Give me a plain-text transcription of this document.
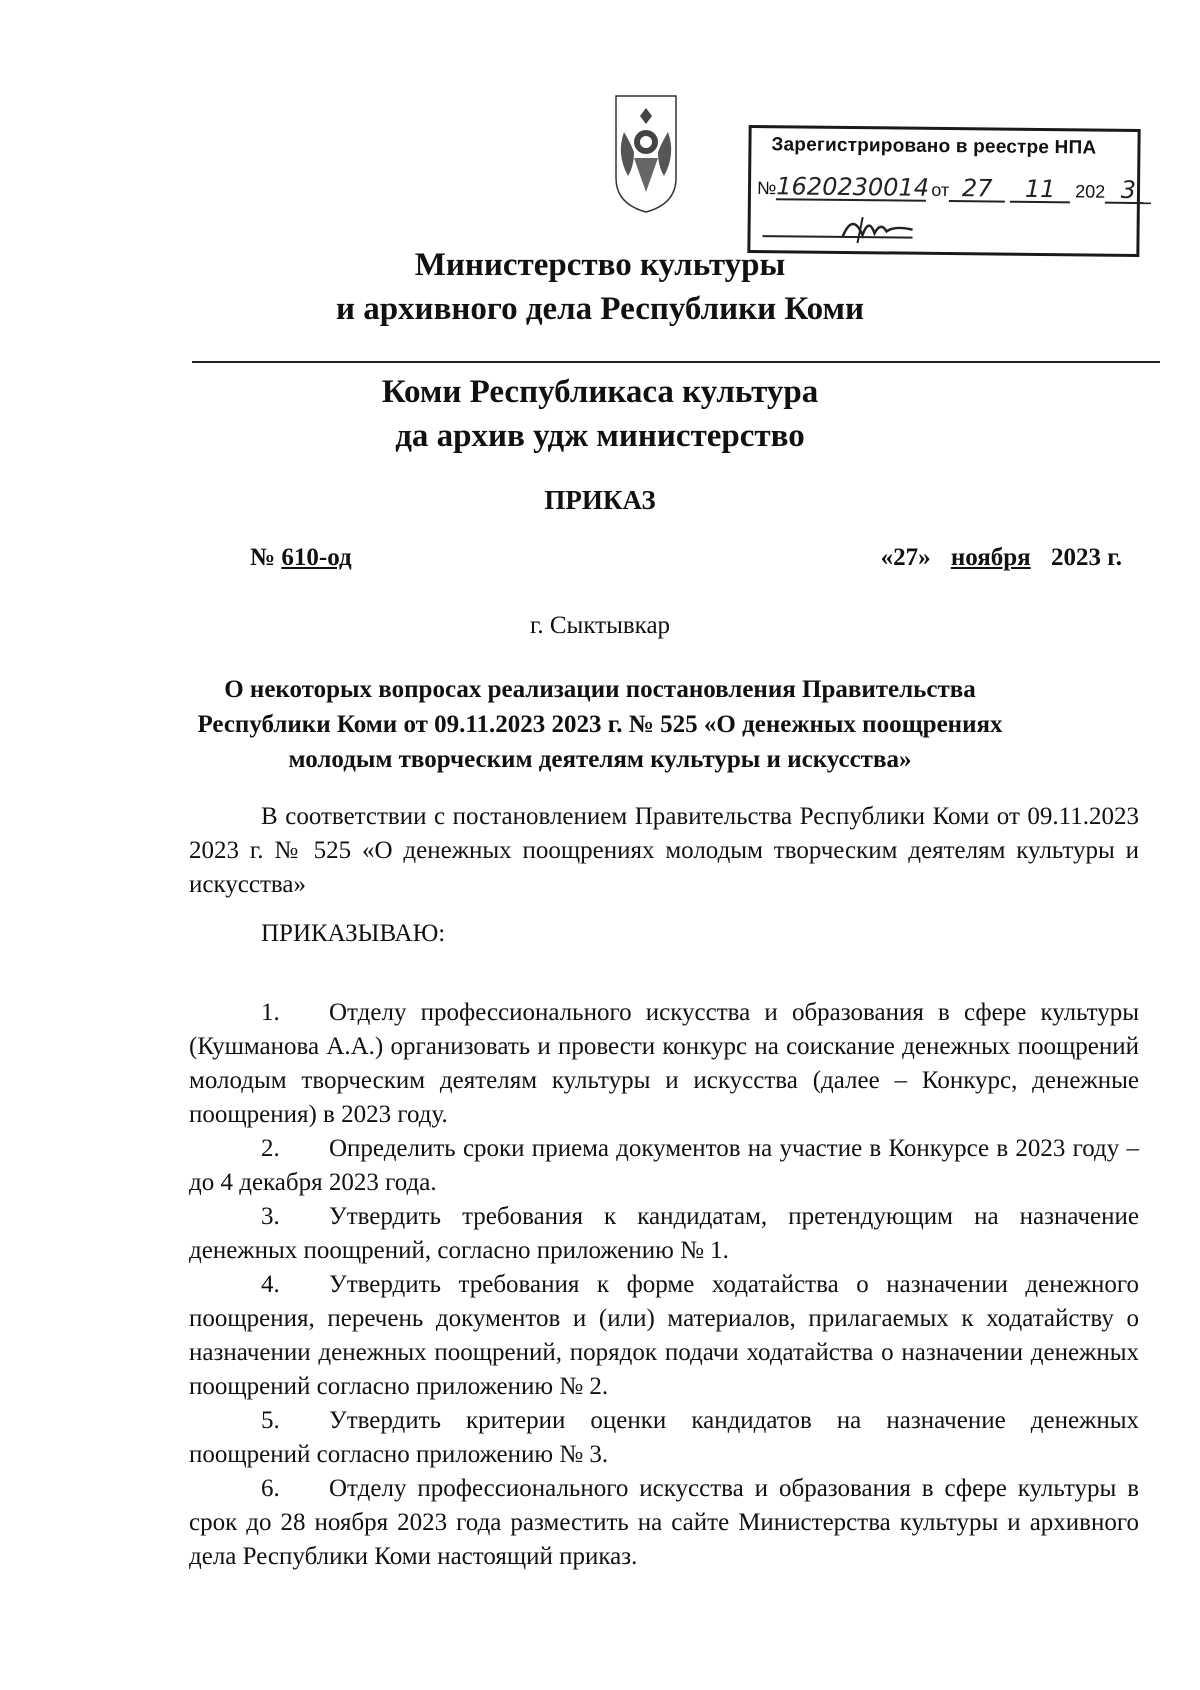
Зарегистрировано в реестре НПА
№1620230014 от 27 11 202 3
Министерство культуры
и архивного дела Республики Коми
Коми Республикаса культура
да архив удж министерство
ПРИКАЗ
№ 610-од	«27» ноября 2023 г.
г. Сыктывкар
О некоторых вопросах реализации постановления Правительства
Республики Коми от 09.11.2023 2023 г. № 525 «О денежных поощрениях
молодым творческим деятелям культуры и искусства»

В соответствии с постановлением Правительства Республики Коми от 09.11.2023 2023 г. № 525 «О денежных поощрениях молодым творческим деятелям культуры и искусства»

ПРИКАЗЫВАЮ:

1. Отделу профессионального искусства и образования в сфере культуры (Кушманова А.А.) организовать и провести конкурс на соискание денежных поощрений молодым творческим деятелям культуры и искусства (далее – Конкурс, денежные поощрения) в 2023 году.

2. Определить сроки приема документов на участие в Конкурсе в 2023 году – до 4 декабря 2023 года.

3. Утвердить требования к кандидатам, претендующим на назначение денежных поощрений, согласно приложению № 1.

4. Утвердить требования к форме ходатайства о назначении денежного поощрения, перечень документов и (или) материалов, прилагаемых к ходатайству о назначении денежных поощрений, порядок подачи ходатайства о назначении денежных поощрений согласно приложению № 2.

5. Утвердить критерии оценки кандидатов на назначение денежных поощрений согласно приложению № 3.

6. Отделу профессионального искусства и образования в сфере культуры в срок до 28 ноября 2023 года разместить на сайте Министерства культуры и архивного дела Республики Коми настоящий приказ.
